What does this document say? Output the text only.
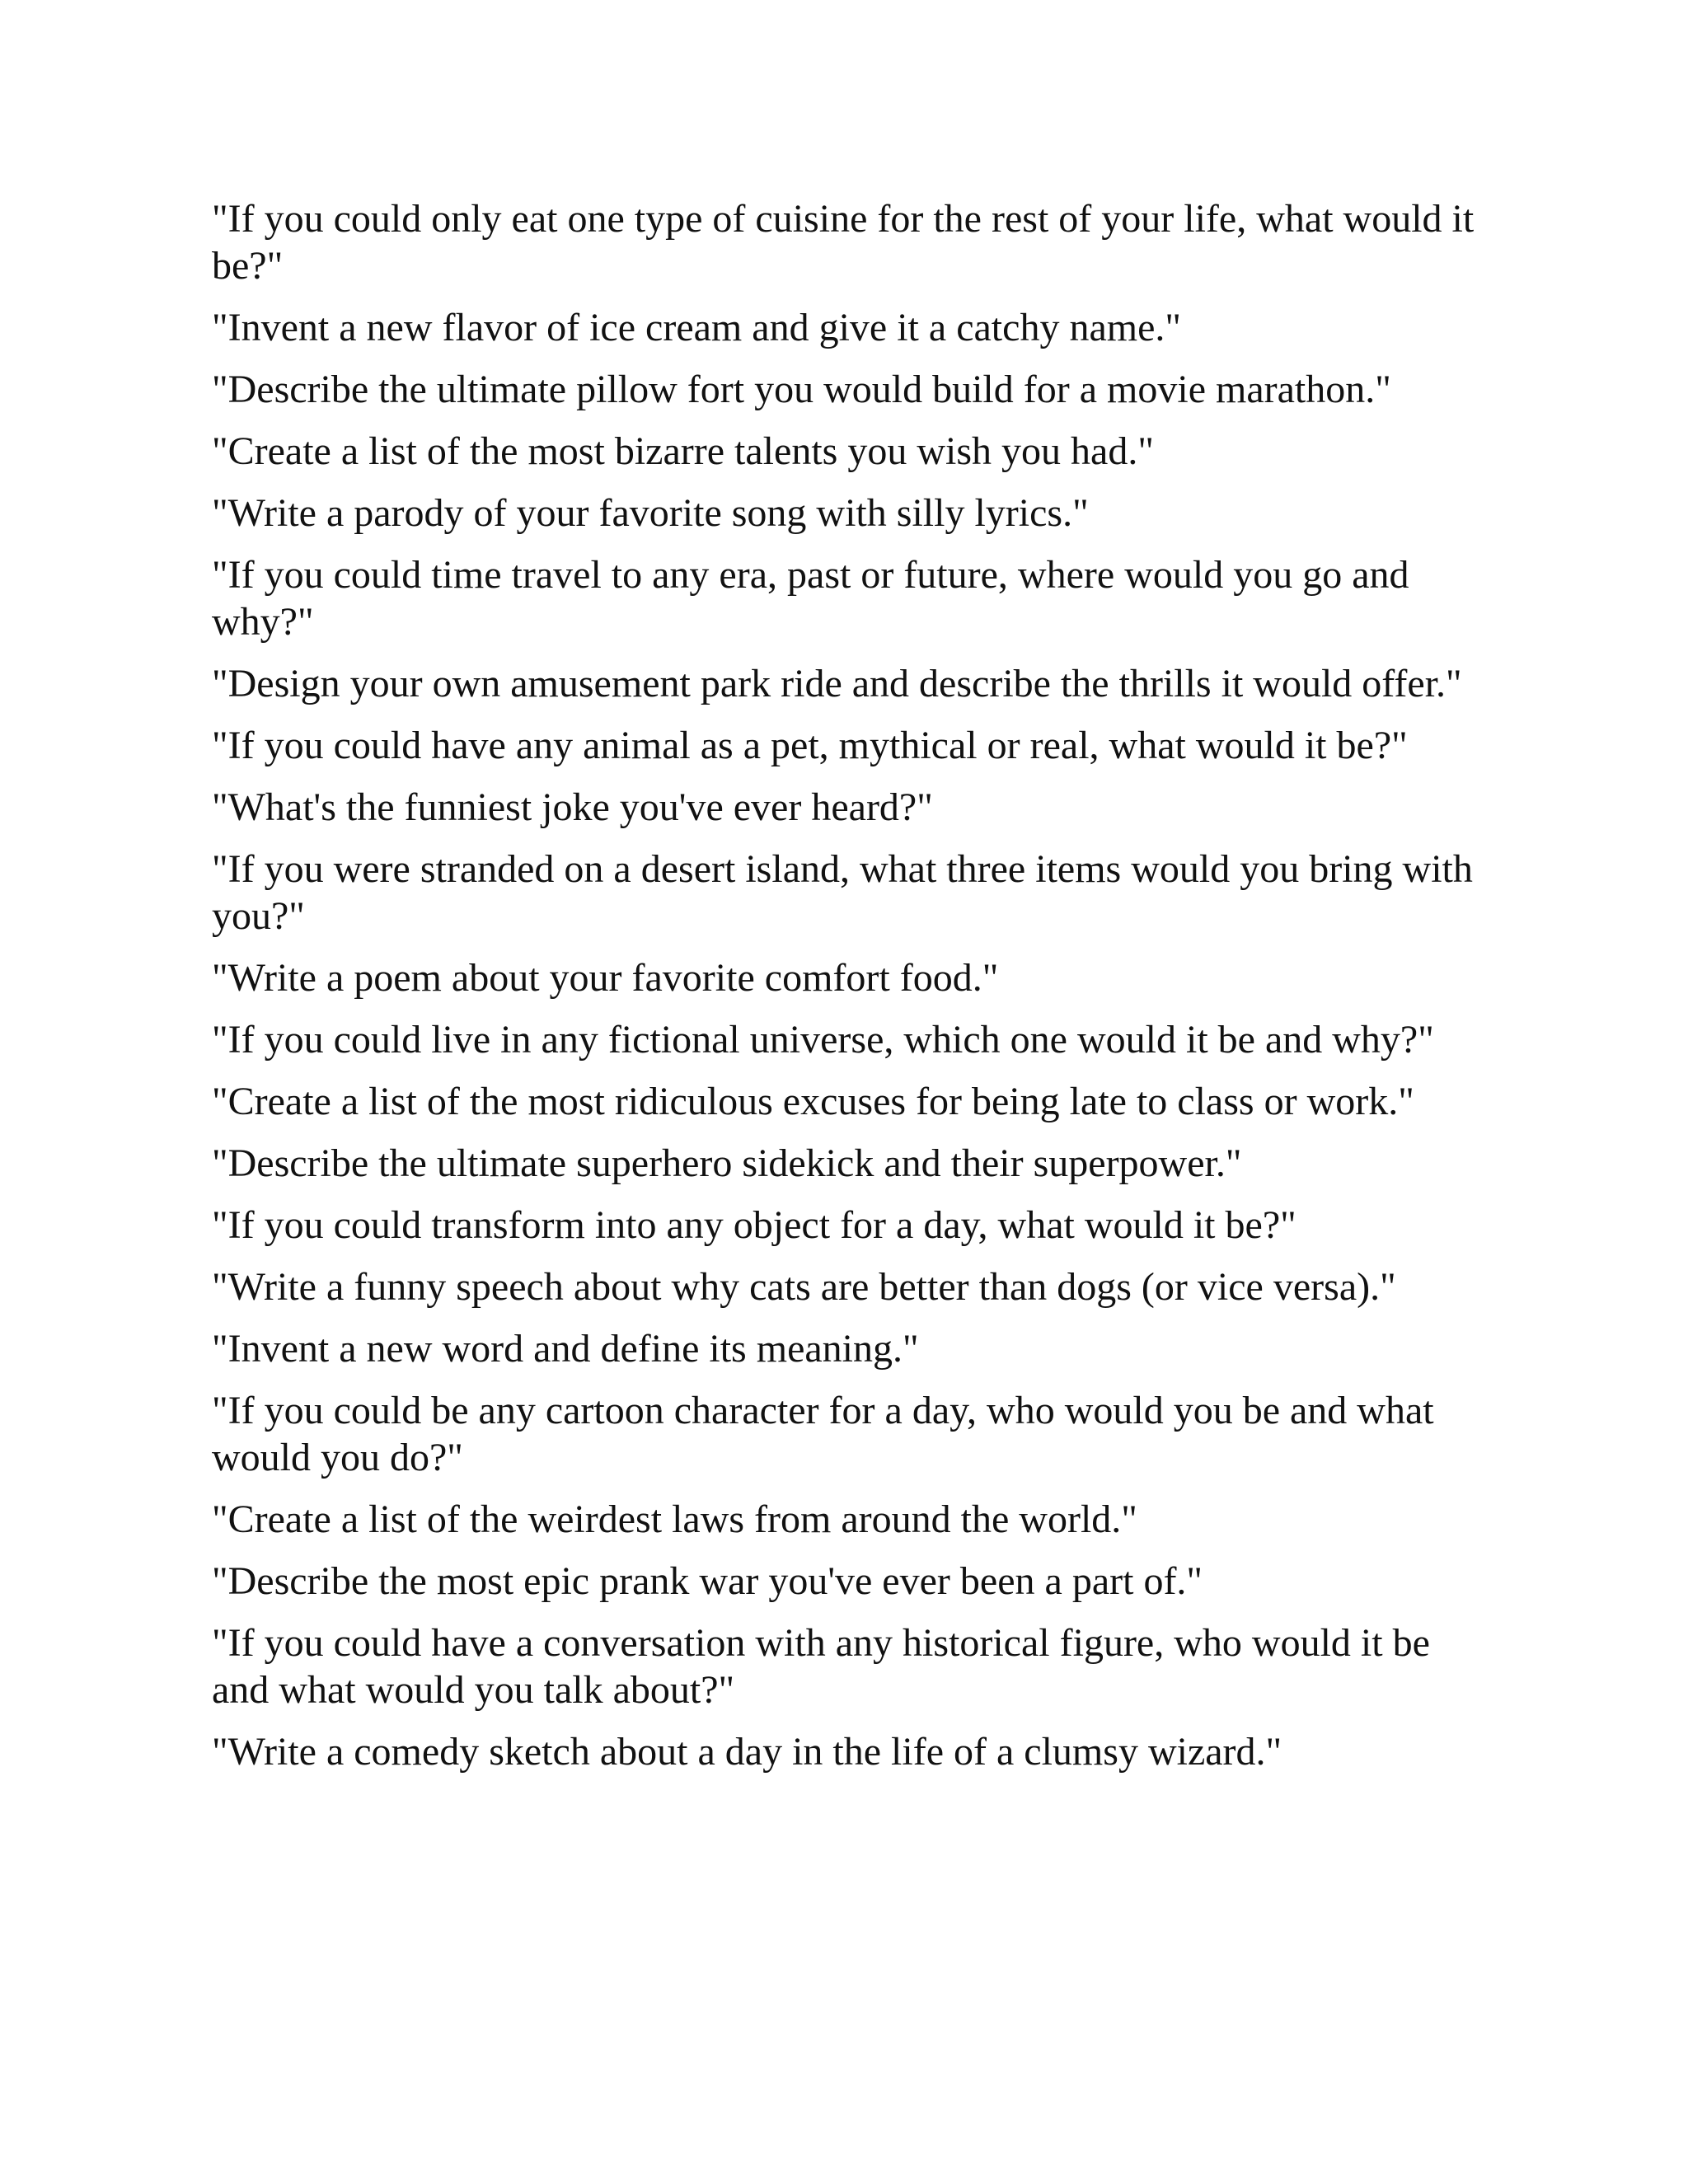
"If you could only eat one type of cuisine for the rest of your life, what would it be?"
"Invent a new flavor of ice cream and give it a catchy name."
"Describe the ultimate pillow fort you would build for a movie marathon."
"Create a list of the most bizarre talents you wish you had."
"Write a parody of your favorite song with silly lyrics."
"If you could time travel to any era, past or future, where would you go and why?"
"Design your own amusement park ride and describe the thrills it would offer."
"If you could have any animal as a pet, mythical or real, what would it be?"
"What's the funniest joke you've ever heard?"
"If you were stranded on a desert island, what three items would you bring with you?"
"Write a poem about your favorite comfort food."
"If you could live in any fictional universe, which one would it be and why?"
"Create a list of the most ridiculous excuses for being late to class or work."
"Describe the ultimate superhero sidekick and their superpower."
"If you could transform into any object for a day, what would it be?"
"Write a funny speech about why cats are better than dogs (or vice versa)."
"Invent a new word and define its meaning."
"If you could be any cartoon character for a day, who would you be and what would you do?"
"Create a list of the weirdest laws from around the world."
"Describe the most epic prank war you've ever been a part of."
"If you could have a conversation with any historical figure, who would it be and what would you talk about?"
"Write a comedy sketch about a day in the life of a clumsy wizard."
